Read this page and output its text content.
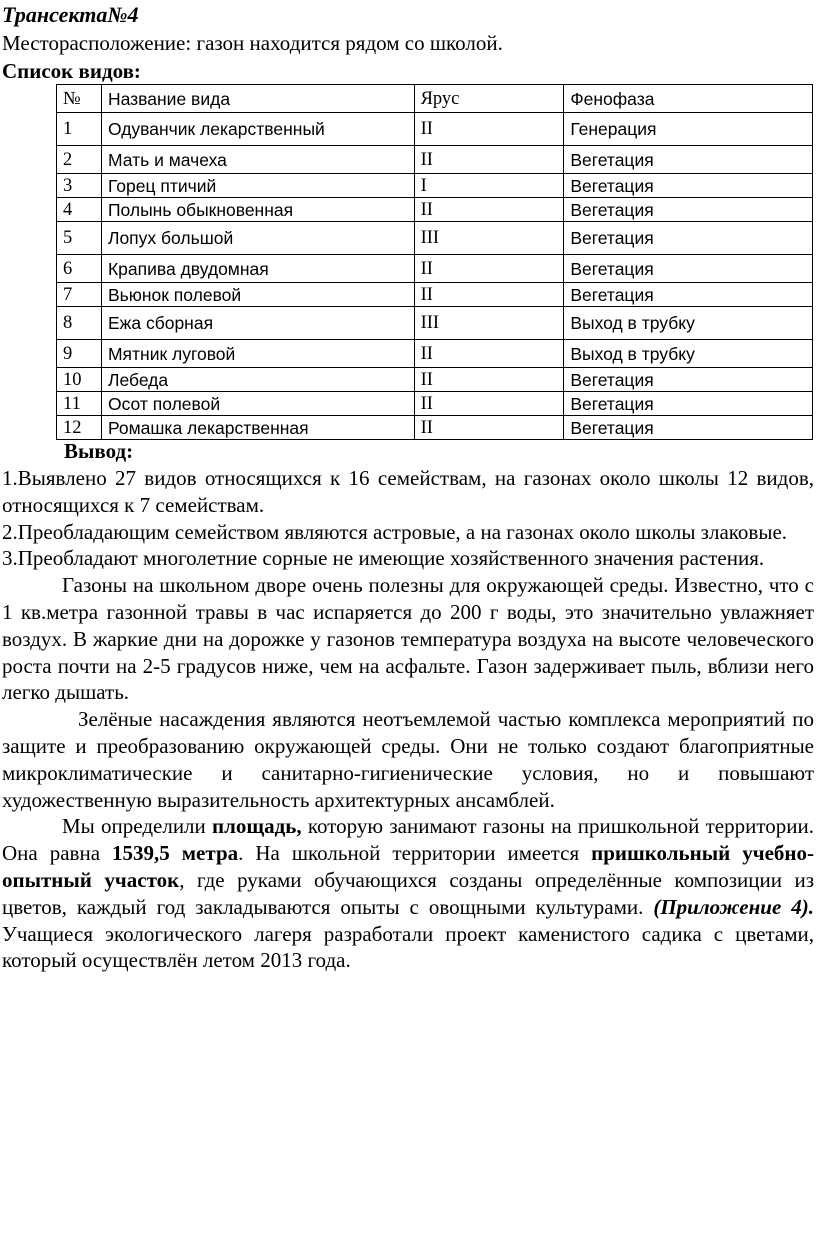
Трансекта№4
Месторасположение: газон находится рядом со школой.
Список видов:
№	Название вида	Ярус	Фенофаза
1	Одуванчик лекарственный	II	Генерация
2	Мать и мачеха	II	Вегетация
3	Горец птичий	I	Вегетация
4	Полынь обыкновенная	II	Вегетация
5	Лопух большой	III	Вегетация
6	Крапива двудомная	II	Вегетация
7	Вьюнок полевой	II	Вегетация
8	Ежа сборная	III	Выход в трубку
9	Мятник луговой	II	Выход в трубку
10	Лебеда	II	Вегетация
11	Осот полевой	II	Вегетация
12	Ромашка лекарственная	II	Вегетация
Вывод:

1.Выявлено 27 видов относящихся к 16 семействам, на газонах около школы 12 видов, относящихся к 7 семействам.

2.Преобладающим семейством являются астровые, а на газонах около школы злаковые.

3.Преобладают многолетние сорные не имеющие хозяйственного значения растения.

Газоны на школьном дворе очень полезны для окружающей среды. Известно, что с 1 кв.метра газонной травы в час испаряется до 200 г воды, это значительно увлажняет воздух. В жаркие дни на дорожке у газонов температура воздуха на высоте человеческого роста почти на 2-5 градусов ниже, чем на асфальте. Газон задерживает пыль, вблизи него легко дышать.

Зелёные насаждения являются неотъемлемой частью комплекса мероприятий по защите и преобразованию окружающей среды. Они не только создают благоприятные микроклиматические и санитарно-гигиенические условия, но и повышают художественную выразительность архитектурных ансамблей.

Мы определили площадь, которую занимают газоны на пришкольной территории. Она равна 1539,5 метра. На школьной территории имеется пришкольный учебно-опытный участок, где руками обучающихся созданы определённые композиции из цветов, каждый год закладываются опыты с овощными культурами. (Приложение 4). Учащиеся экологического лагеря разработали проект каменистого садика с цветами, который осуществлён летом 2013 года.
